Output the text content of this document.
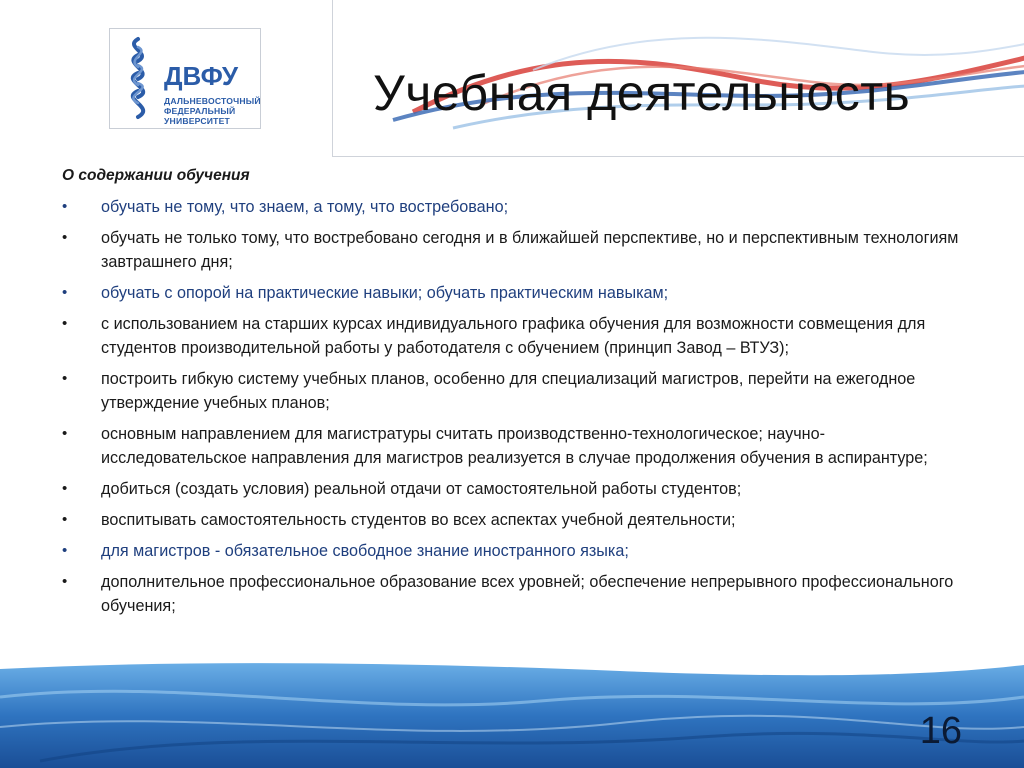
ДВФУ
ДАЛЬНЕВОСТОЧНЫЙ
ФЕДЕРАЛЬНЫЙ
УНИВЕРСИТЕТ	Учебная деятельность
О содержании обучения
• обучать не тому, что знаем, а тому, что востребовано;
• обучать не только тому, что востребовано сегодня и в ближайшей перспективе, но и перспективным технологиям завтрашнего дня;
• обучать с опорой на практические навыки; обучать практическим навыкам;
• с использованием на старших курсах индивидуального графика обучения для возможности совмещения для студентов производительной работы у работодателя с обучением (принцип Завод – ВТУЗ);
• построить гибкую систему учебных планов, особенно для специализаций магистров, перейти на ежегодное утверждение учебных планов;
• основным направлением для магистратуры считать производственно-технологическое; научно-исследовательское направления для магистров реализуется в случае продолжения обучения в аспирантуре;
• добиться (создать условия) реальной отдачи от самостоятельной работы студентов;
• воспитывать самостоятельность студентов во всех аспектах учебной деятельности;
• для магистров - обязательное свободное знание иностранного языка;
• дополнительное профессиональное образование всех уровней; обеспечение непрерывного профессионального обучения;
16
